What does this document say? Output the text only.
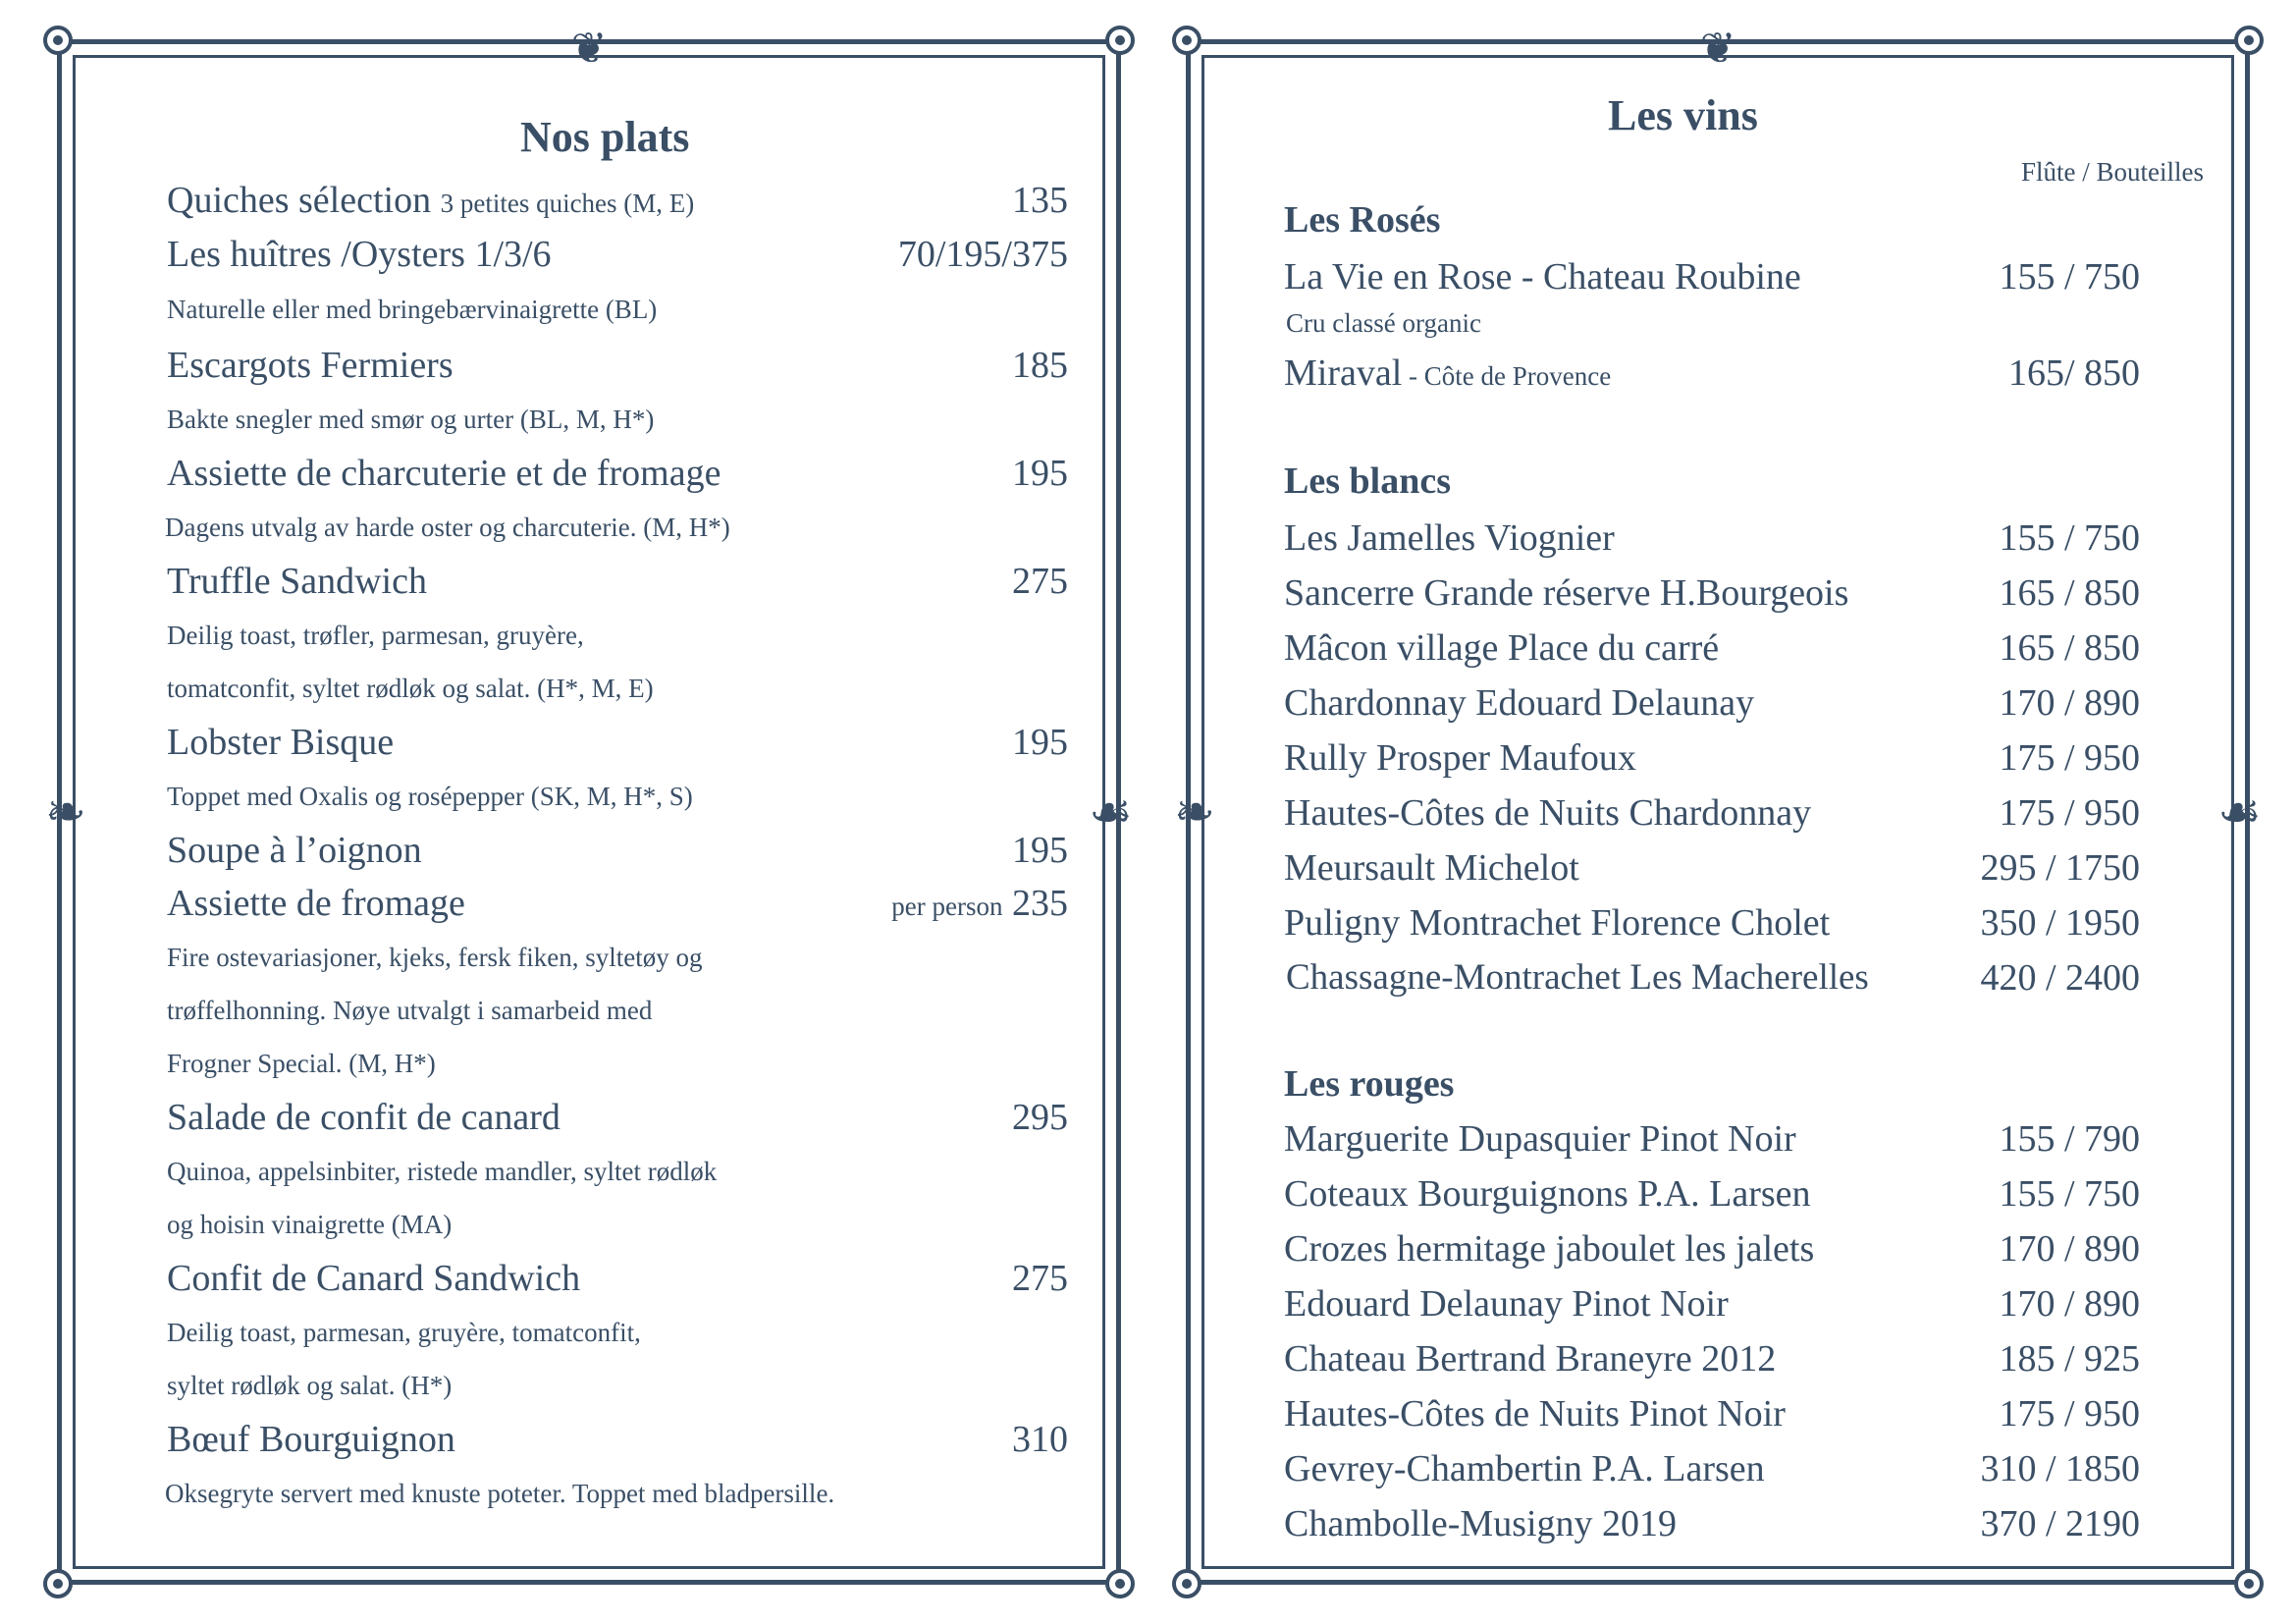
❦
❧	☙
Nos plats
Quiches sélection 3 petites quiches (M, E)	135
Les huîtres /Oysters 1/3/6	70/195/375
Naturelle eller med bringebærvinaigrette (BL)
Escargots Fermiers	185
Bakte snegler med smør og urter (BL, M, H*)
Assiette de charcuterie et de fromage	195
Dagens utvalg av harde oster og charcuterie. (M, H*)
Truffle Sandwich	275
Deilig toast, trøfler, parmesan, gruyère,
tomatconfit, syltet rødløk og salat. (H*, M, E)
Lobster Bisque	195
Toppet med Oxalis og rosépepper (SK, M, H*, S)
Soupe à l’oignon	195
Assiette de fromage	per person 235
Fire ostevariasjoner, kjeks, fersk fiken, syltetøy og
trøffelhonning. Nøye utvalgt i samarbeid med
Frogner Special. (M, H*)
Salade de confit de canard	295
Quinoa, appelsinbiter, ristede mandler, syltet rødløk
og hoisin vinaigrette (MA)
Confit de Canard Sandwich	275
Deilig toast, parmesan, gruyère, tomatconfit,
syltet rødløk og salat. (H*)
Bœuf Bourguignon	310
Oksegryte servert med knuste poteter. Toppet med bladpersille.
❦
❧	☙
Les vins
Flûte / Bouteilles
Les Rosés
La Vie en Rose - Chateau Roubine	155 / 750
Cru classé organic
Miraval - Côte de Provence	165/ 850
Les blancs
Les Jamelles Viognier	155 / 750
Sancerre Grande réserve H.Bourgeois	165 / 850
Mâcon village Place du carré	165 / 850
Chardonnay Edouard Delaunay	170 / 890
Rully Prosper Maufoux	175 / 950
Hautes-Côtes de Nuits Chardonnay	175 / 950
Meursault Michelot	295 / 1750
Puligny Montrachet Florence Cholet	350 / 1950
Chassagne-Montrachet Les Macherelles	420 / 2400
Les rouges
Marguerite Dupasquier Pinot Noir	155 / 790
Coteaux Bourguignons P.A. Larsen	155 / 750
Crozes hermitage jaboulet les jalets	170 / 890
Edouard Delaunay Pinot Noir	170 / 890
Chateau Bertrand Braneyre 2012	185 / 925
Hautes-Côtes de Nuits Pinot Noir	175 / 950
Gevrey-Chambertin P.A. Larsen	310 / 1850
Chambolle-Musigny 2019	370 / 2190
